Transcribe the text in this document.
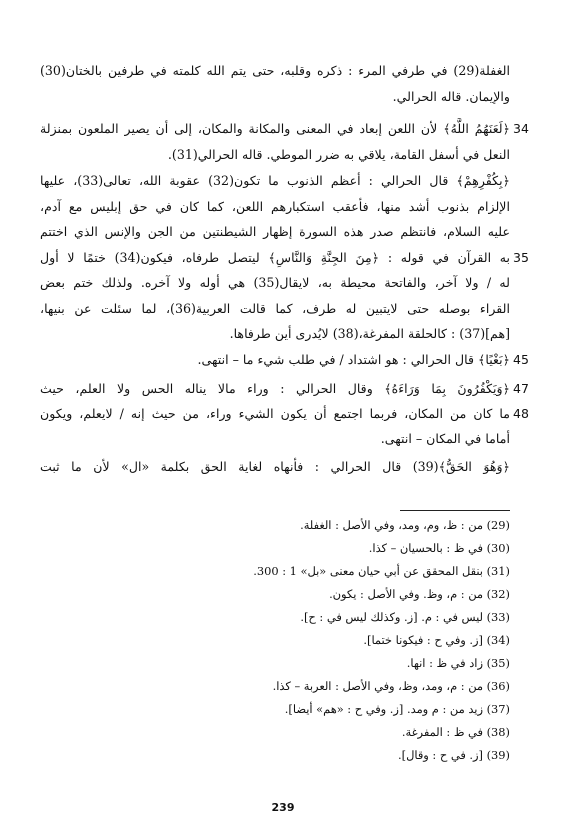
الغفلة(29) في طرفي المرء : ذكره وقلبه، حتى يتم الله كلمته في طرفين بالختان(30)
والإيمان. قاله الحرالي.
34
﴿لَعَنَهُمُ اللَّهُ﴾ لأن اللعن إبعاد في المعنى والمكانة والمكان، إلى أن يصير الملعون بمنزلة
النعل في أسفل القامة، يلاقي به ضرر الموطي. قاله الحرالي(31).
﴿بِكُفْرِهِمْ﴾ قال الحرالي : أعظم الذنوب ما تكون(32) عقوبة الله، تعالى(33)، عليها
الإلزام بذنوب أشد منها، فأعقب استكبارهم اللعن، كما كان في حق إبليس مع آدم،
عليه السلام، فانتظم صدر هذه السورة إظهار الشيطنتين من الجن والإنس الذي اختتم
35
به القرآن في قوله : ﴿مِنَ الجِنَّةِ وَالنَّاسِ﴾ ليتصل طرفاه، فيكون(34) ختمًا لا أول
له / ولا آخر، والفاتحة محيطة به، لايقال(35) هي أوله ولا آخره. ولذلك ختم بعض
القراء بوصله حتى لايتبين له طرف، كما قالت العربية(36)، لما سئلت عن بنيها،
[هم](37) : كالحلقة المفرغة،(38) لايُدرى أين طرفاها.
45
﴿بَغْيًا﴾ قال الحرالي : هو اشتداد / في طلب شيء ما – انتهى.
47
﴿وَيَكْفُرُونَ بِمَا وَرَاءَهُ﴾ وقال الحرالي : وراء مالا يناله الحس ولا العلم، حيث
48
ما كان من المكان، فربما اجتمع أن يكون الشيء وراء، من حيث إنه / لايعلم، ويكون
أماما في المكان – انتهى.
﴿وَهُوَ الحَقُّ﴾(39) قال الحرالي : فأنهاه لغاية الحق بكلمة «ال» لأن ما ثبت
(29) من : ظ، وم، ومد، وفي الأصل : الغفلة.
(30) في ظ : بالحسيان – كذا.
(31) بنقل المحقق عن أبي حيان معنى «بل» 1 : 300.
(32) من : م، وظ. وفي الأصل : يكون.
(33) ليس في : م. [ز. وكذلك ليس في : ح].
(34) [ز. وفي ح : فيكونا ختما].
(35) زاد في ظ : انها.
(36) من : م، ومد، وظ، وفي الأصل : العربة – كذا.
(37) زيد من : م ومد. [ز. وفي ح : «هم» أيضا].
(38) في ظ : المفرغة.
(39) [ز. في ح : وقال].
239
